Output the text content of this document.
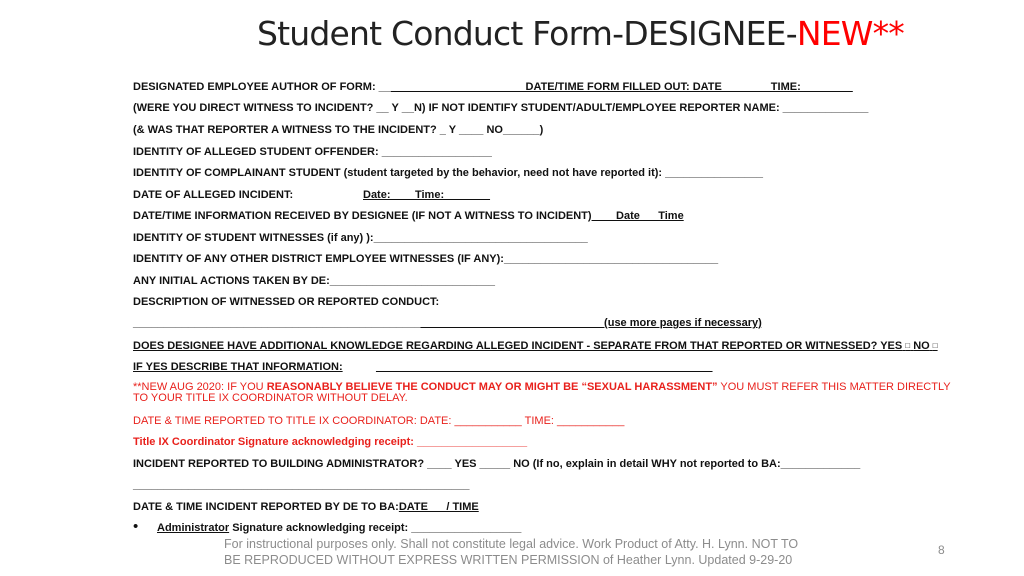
Student Conduct Form-DESIGNEE-NEW**
DESIGNATED EMPLOYEE AUTHOR OF FORM: ________________________DATE/TIME FORM FILLED OUT: DATE________TIME: ________
(WERE YOU DIRECT WITNESS TO INCIDENT? __ Y __N) IF NOT IDENTIFY STUDENT/ADULT/EMPLOYEE REPORTER NAME: ______________
(& WAS THAT REPORTER A WITNESS TO THE INCIDENT? _ Y ____ NO______)
IDENTITY OF ALLEGED STUDENT OFFENDER: __________________
IDENTITY OF COMPLAINANT STUDENT (student targeted by the behavior, need not have reported it): ________________
DATE OF ALLEGED INCIDENT:	Date:____Time: _______
DATE/TIME INFORMATION RECEIVED BY DESIGNEE (IF NOT A WITNESS TO INCIDENT)____Date___Time
IDENTITY OF STUDENT WITNESSES (if any) ):___________________________________
IDENTITY OF ANY OTHER DISTRICT EMPLOYEE WITNESSES (IF ANY):___________________________________
ANY INITIAL ACTIONS TAKEN BY DE:___________________________
DESCRIPTION OF WITNESSED OR REPORTED CONDUCT:
_____________________________________________________________________________(use more pages if necessary)
DOES DESIGNEE HAVE ADDITIONAL KNOWLEDGE REGARDING ALLEGED INCIDENT - SEPARATE FROM THAT REPORTED OR WITNESSED? YES □ NO □
IF YES DESCRIBE THAT INFORMATION:	_______________________________________________________
**NEW AUG 2020: IF YOU REASONABLY BELIEVE THE CONDUCT MAY OR MIGHT BE “SEXUAL HARASSMENT” YOU MUST REFER THIS MATTER DIRECTLY
TO YOUR TITLE IX COORDINATOR WITHOUT DELAY.
DATE & TIME REPORTED TO TITLE IX COORDINATOR: DATE: ___________ TIME: ___________
Title IX Coordinator Signature acknowledging receipt: __________________
INCIDENT REPORTED TO BUILDING ADMINISTRATOR? ____ YES _____ NO (If no, explain in detail WHY not reported to BA:_____________
_______________________________________________________
DATE & TIME INCIDENT REPORTED BY DE TO BA:DATE___/ TIME
• Administrator Signature acknowledging receipt: __________________
For instructional purposes only. Shall not constitute legal advice. Work Product of Atty. H. Lynn. NOT TO BE REPRODUCED WITHOUT EXPRESS WRITTEN PERMISSION of Heather Lynn. Updated 9-29-20
8
